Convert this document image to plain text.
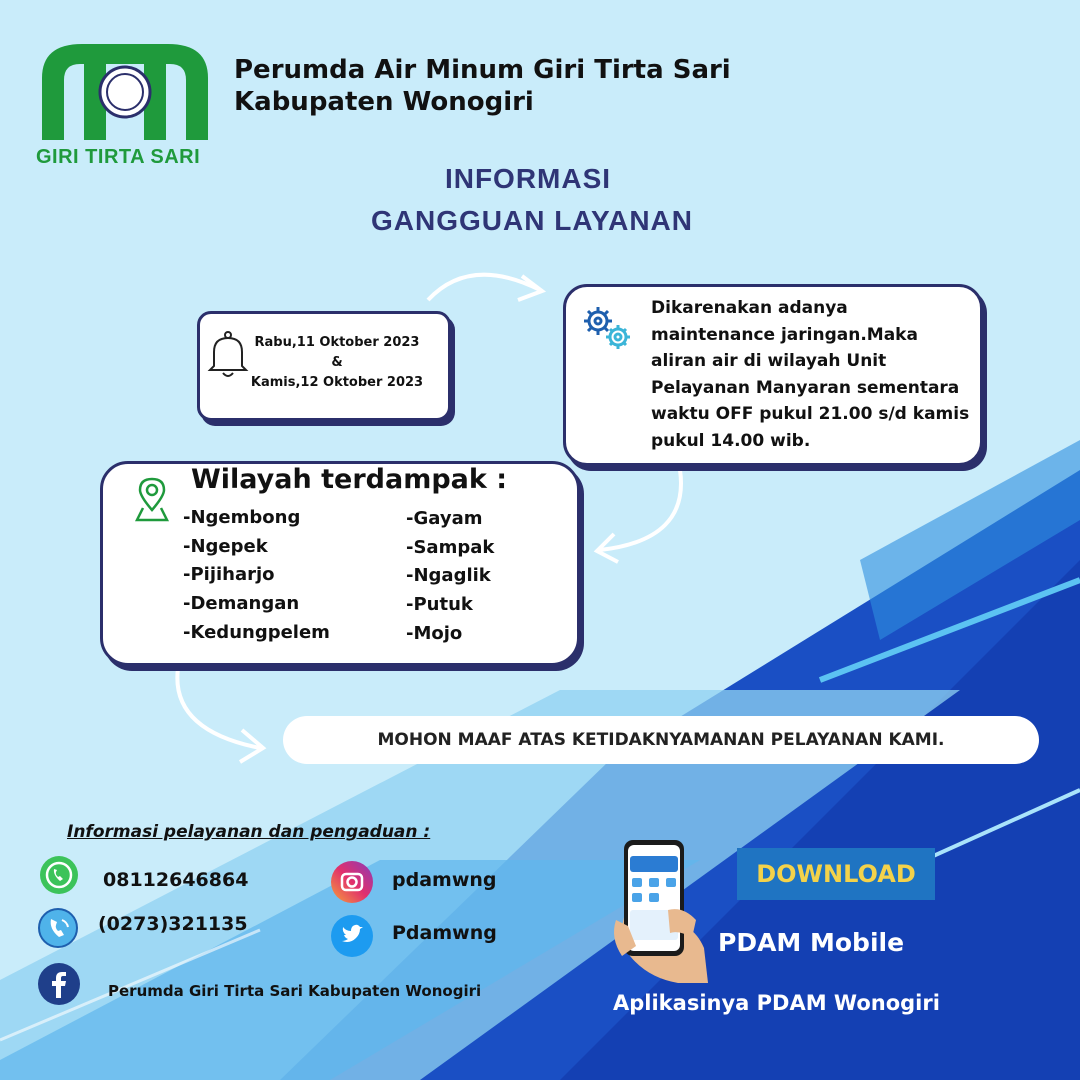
GIRI TIRTA SARI
Perumda Air Minum Giri Tirta Sari
Kabupaten Wonogiri
INFORMASI
GANGGUAN LAYANAN
Rabu,11 Oktober 2023
&
Kamis,12 Oktober 2023
Dikarenakan adanya
maintenance jaringan.Maka
aliran air di wilayah Unit
Pelayanan Manyaran sementara
waktu OFF pukul 21.00 s/d kamis
pukul 14.00 wib.
Wilayah terdampak :
-Ngembong
-Ngepek
-Pijiharjo
-Demangan
-Kedungpelem
-Gayam
-Sampak
-Ngaglik
-Putuk
-Mojo
MOHON MAAF ATAS KETIDAKNYAMANAN PELAYANAN KAMI.
Informasi pelayanan dan pengaduan :
08112646864
(0273)321135
pdamwng
Pdamwng
Perumda Giri Tirta Sari Kabupaten Wonogiri
DOWNLOAD
PDAM Mobile
Aplikasinya PDAM Wonogiri
